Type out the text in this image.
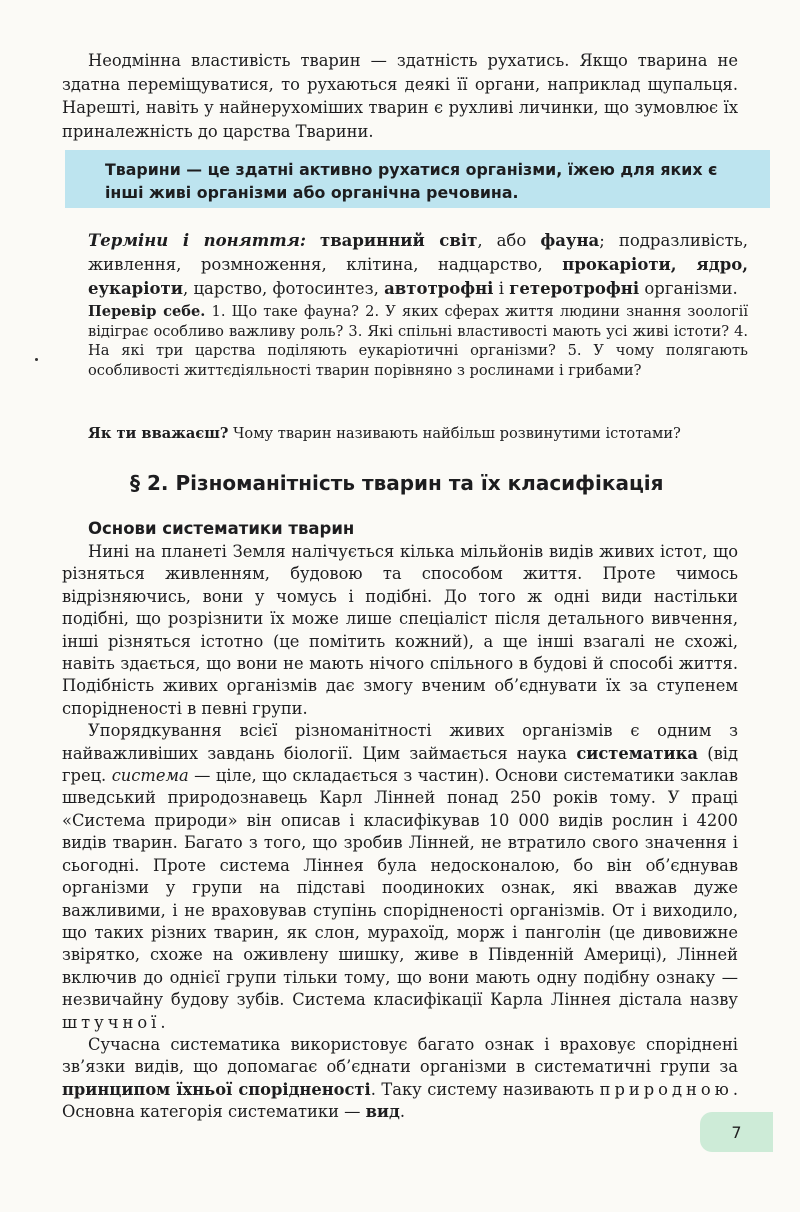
Неодмінна властивість тварин — здатність рухатись. Якщо тварина не здатна переміщуватися, то рухаються деякі її органи, наприклад щупальця. Нарешті, навіть у найнерухоміших тварин є рухливі личинки, що зумовлює їх приналежність до царства Тварини.

Тварини — це здатні активно рухатися організми, їжею для яких є інші живі організми або органічна речовина.

Терміни і поняття: тваринний світ, або фауна; подразливість, живлення, розмноження, клітина, надцарство, прокаріоти, ядро, еукаріоти, царство, фотосинтез, автотрофні і гетеротрофні організми.

Перевір себе. 1. Що таке фауна? 2. У яких сферах життя людини знання зоології відіграє особливо важливу роль? 3. Які спільні властивості мають усі живі істоти? 4. На які три царства поділяють еукаріотичні організми? 5. У чому полягають особливості життєдіяльності тварин порівняно з рослинами і грибами?

Як ти вважаєш? Чому тварин називають найбільш розвинутими істотами?

§ 2. Різноманітність тварин та їх класифікація
Основи систематики тварин

Нині на планеті Земля налічується кілька мільйонів видів живих істот, що різняться живленням, будовою та способом життя. Проте чимось відрізняючись, вони у чомусь і подібні. До того ж одні види настільки подібні, що розрізнити їх може лише спеціаліст після детального вивчення, інші різняться істотно (це помітить кожний), а ще інші взагалі не схожі, навіть здається, що вони не мають нічого спільного в будові й способі життя. Подібність живих організмів дає змогу вченим об’єднувати їх за ступенем спорідненості в певні групи.

Упорядкування всієї різноманітності живих організмів є одним з найважливіших завдань біології. Цим займається наука систематика (від грец. система — ціле, що складається з частин). Основи систематики заклав шведський природознавець Карл Лінней понад 250 років тому. У праці «Система природи» він описав і класифікував 10 000 видів рослин і 4200 видів тварин. Багато з того, що зробив Лінней, не втратило свого значення і сьогодні. Проте система Ліннея була недосконалою, бо він об’єднував організми у групи на підставі поодиноких ознак, які вважав дуже важливими, і не враховував ступінь спорідненості організмів. От і виходило, що таких різних тварин, як слон, мурахоїд, морж і панголін (це дивовижне звірятко, схоже на оживлену шишку, живе в Південній Америці), Лінней включив до однієї групи тільки тому, що вони мають одну подібну ознаку — незвичайну будову зубів. Система класифікації Карла Ліннея дістала назву штучної.

Сучасна систематика використовує багато ознак і враховує споріднені зв’язки видів, що допомагає об’єднати організми в систематичні групи за принципом їхньої спорідненості. Таку систему називають природною. Основна категорія систематики — вид.

7
